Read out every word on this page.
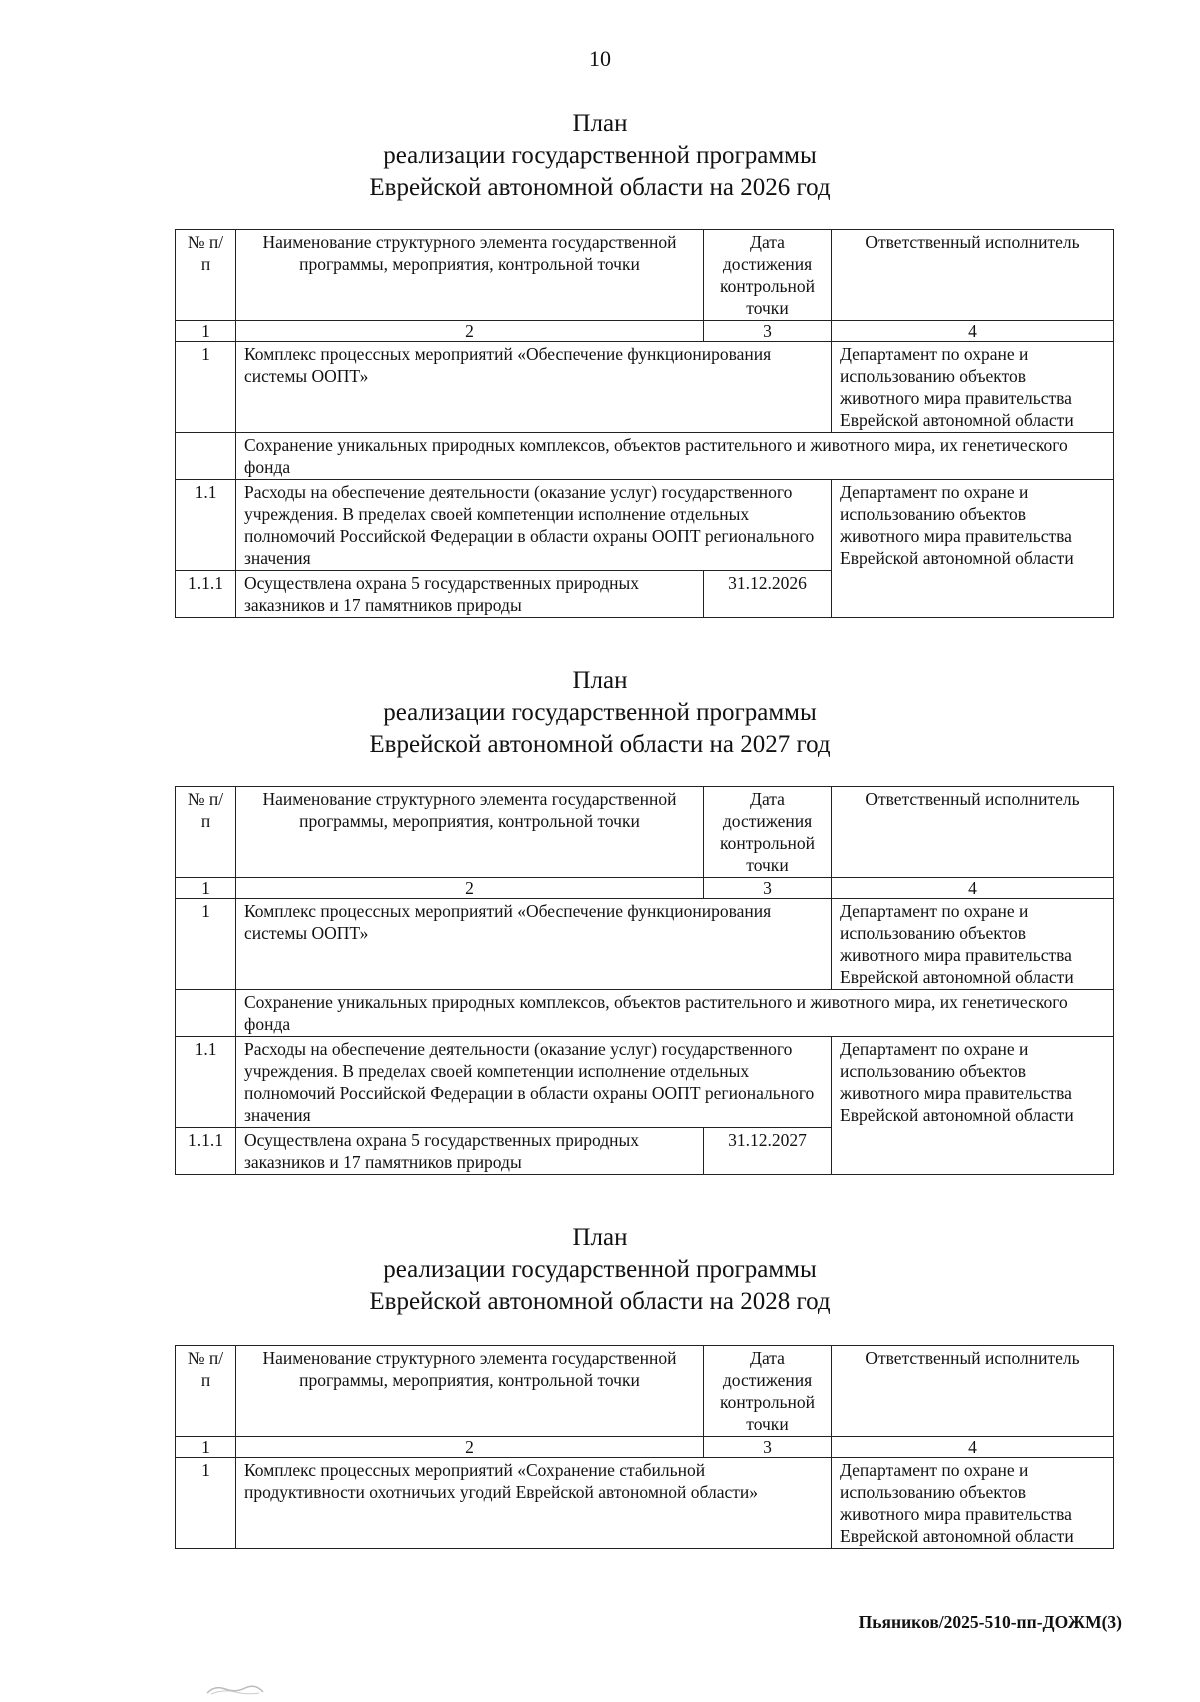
10
План
реализации государственной программы
Еврейской автономной области на 2026 год
№ п/п	Наименование структурного элемента государственной программы, мероприятия, контрольной точки	Дата достижения контрольной точки	Ответственный исполнитель
1	2	3	4
1	Комплекс процессных мероприятий «Обеспечение функционирования системы ООПТ»		Департамент по охране и использованию объектов животного мира правительства Еврейской автономной области
	Сохранение уникальных природных комплексов, объектов растительного и животного мира, их генетического фонда		
1.1	Расходы на обеспечение деятельности (оказание услуг) государственного учреждения. В пределах своей компетенции исполнение отдельных полномочий Российской Федерации в области охраны ООПТ регионального значения		Департамент по охране и использованию объектов животного мира правительства Еврейской автономной области
1.1.1	Осуществлена охрана 5 государственных природных заказников и 17 памятников природы	31.12.2026	
План
реализации государственной программы
Еврейской автономной области на 2027 год
№ п/п	Наименование структурного элемента государственной программы, мероприятия, контрольной точки	Дата достижения контрольной точки	Ответственный исполнитель
1	2	3	4
1	Комплекс процессных мероприятий «Обеспечение функционирования системы ООПТ»		Департамент по охране и использованию объектов животного мира правительства Еврейской автономной области
	Сохранение уникальных природных комплексов, объектов растительного и животного мира, их генетического фонда		
1.1	Расходы на обеспечение деятельности (оказание услуг) государственного учреждения. В пределах своей компетенции исполнение отдельных полномочий Российской Федерации в области охраны ООПТ регионального значения		Департамент по охране и использованию объектов животного мира правительства Еврейской автономной области
1.1.1	Осуществлена охрана 5 государственных природных заказников и 17 памятников природы	31.12.2027	
План
реализации государственной программы
Еврейской автономной области на 2028 год
№ п/п	Наименование структурного элемента государственной программы, мероприятия, контрольной точки	Дата достижения контрольной точки	Ответственный исполнитель
1	2	3	4
1	Комплекс процессных мероприятий «Сохранение стабильной продуктивности охотничьих угодий Еврейской автономной области»		Департамент по охране и использованию объектов животного мира правительства Еврейской автономной области
Пьяников/2025-510-пп-ДОЖМ(3)
